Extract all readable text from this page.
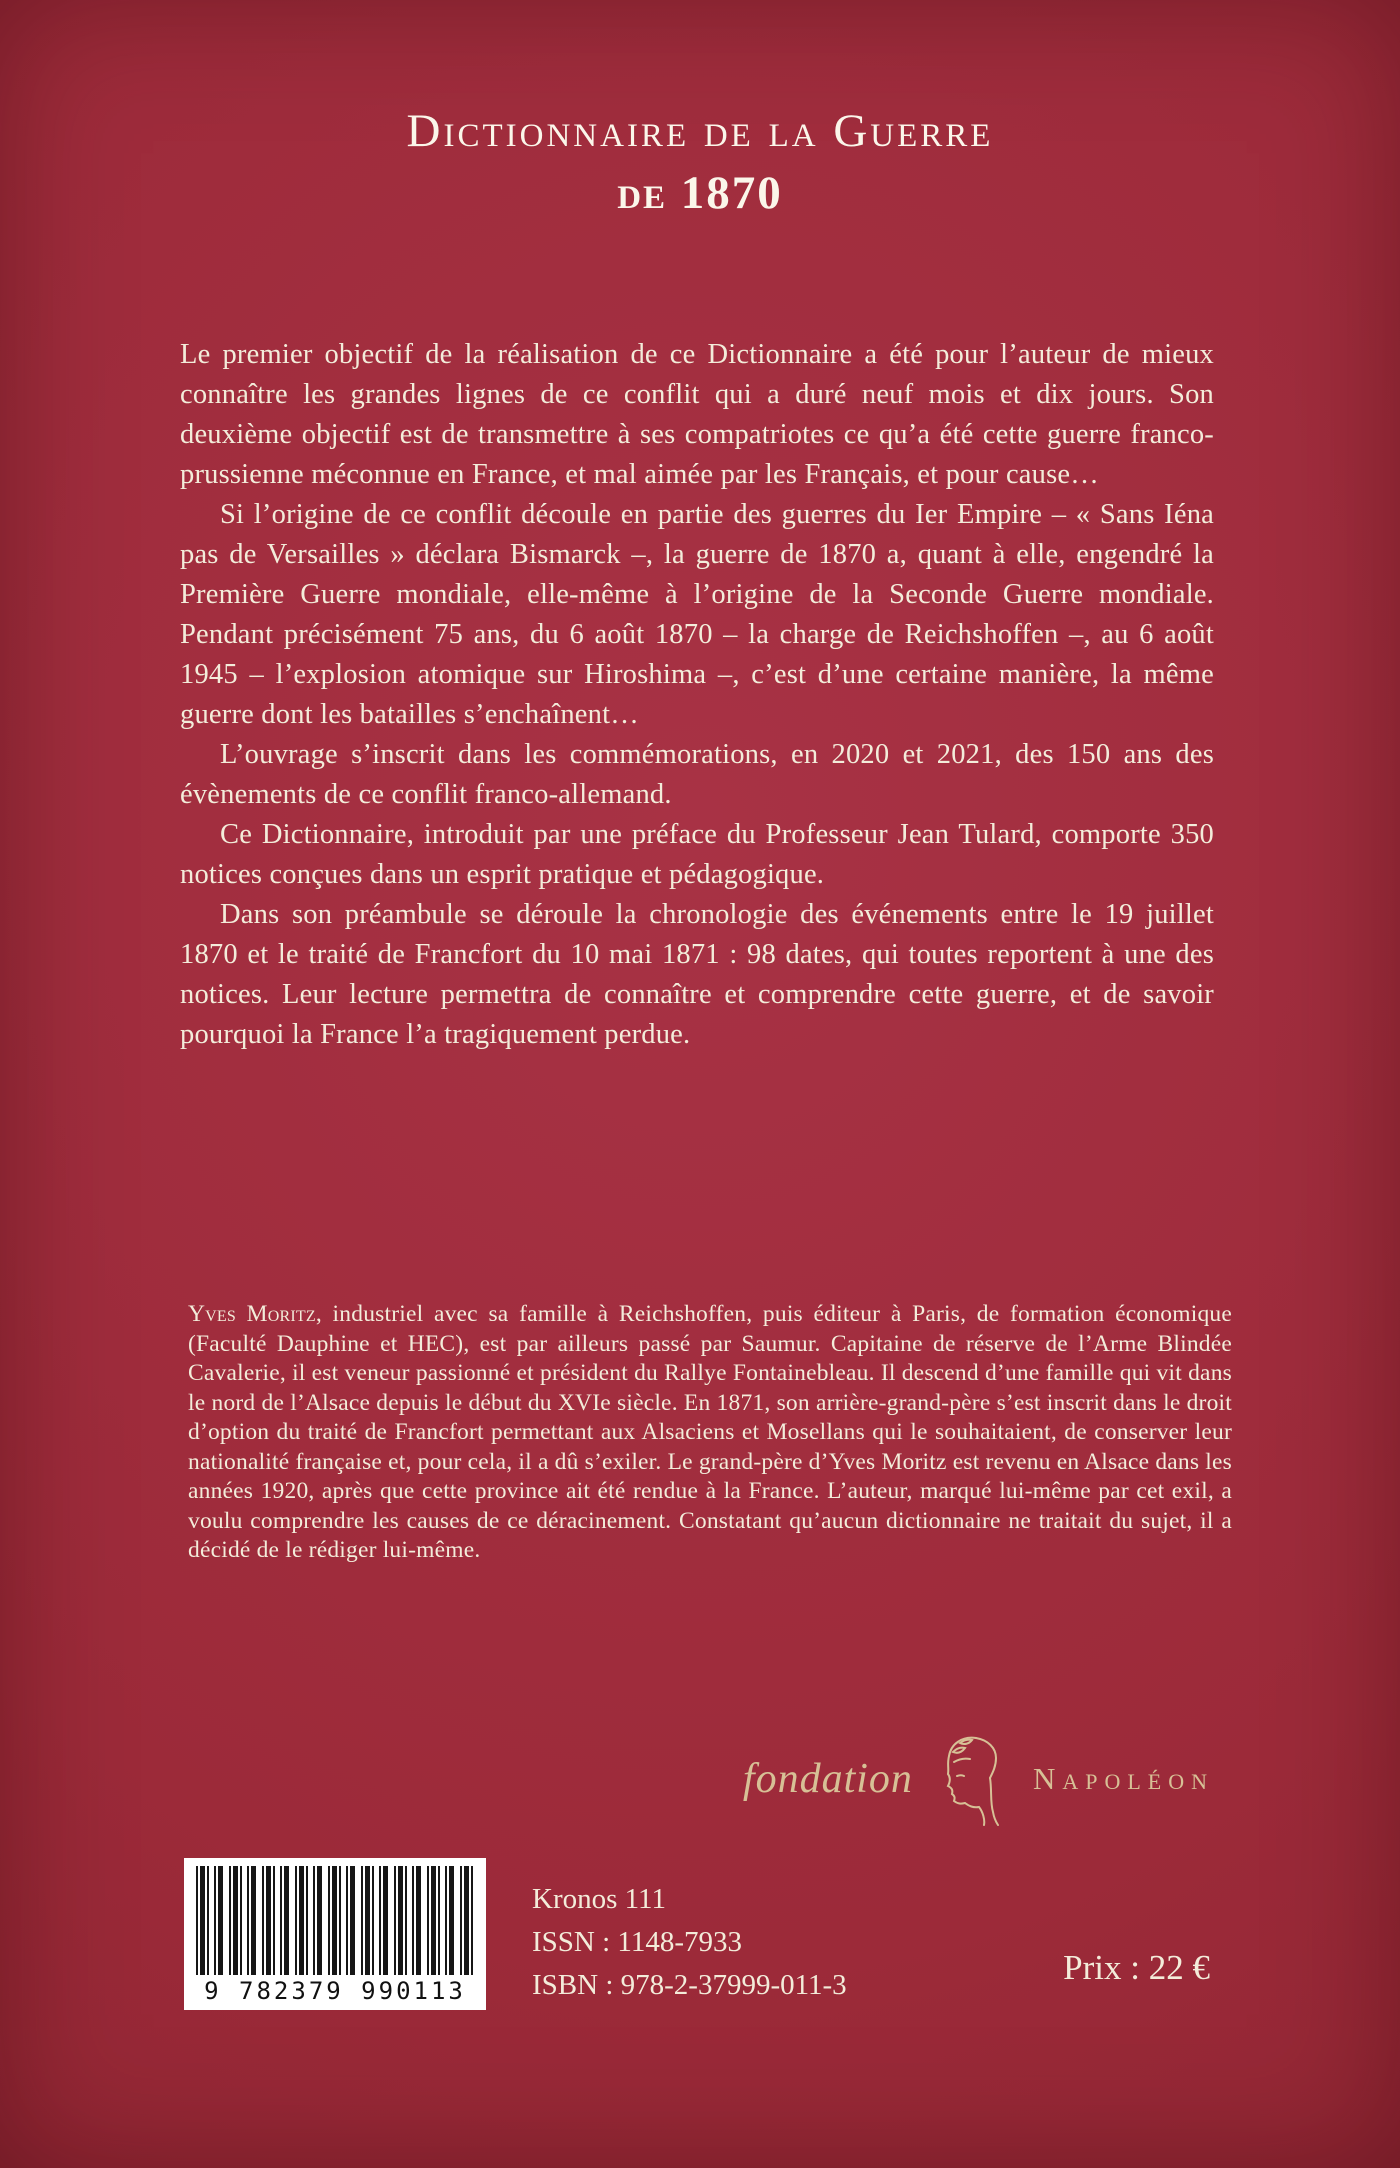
Dictionnaire de la Guerre
de 1870

Le premier objectif de la réalisation de ce Dictionnaire a été pour l’auteur de mieux connaître les grandes lignes de ce conflit qui a duré neuf mois et dix jours. Son deuxième objectif est de transmettre à ses compatriotes ce qu’a été cette guerre franco-prussienne méconnue en France, et mal aimée par les Français, et pour cause…

Si l’origine de ce conflit découle en partie des guerres du Ier Empire – « Sans Iéna pas de Versailles » déclara Bismarck –, la guerre de 1870 a, quant à elle, engendré la Première Guerre mondiale, elle-même à l’origine de la Seconde Guerre mondiale. Pendant précisément 75 ans, du 6 août 1870 – la charge de Reichshoffen –, au 6 août 1945 – l’explosion atomique sur Hiroshima –, c’est d’une certaine manière, la même guerre dont les batailles s’enchaînent…

L’ouvrage s’inscrit dans les commémorations, en 2020 et 2021, des 150 ans des évènements de ce conflit franco-allemand.

Ce Dictionnaire, introduit par une préface du Professeur Jean Tulard, comporte 350 notices conçues dans un esprit pratique et pédagogique.

Dans son préambule se déroule la chronologie des événements entre le 19 juillet 1870 et le traité de Francfort du 10 mai 1871 : 98 dates, qui toutes reportent à une des notices. Leur lecture permettra de connaître et comprendre cette guerre, et de savoir pourquoi la France l’a tragiquement perdue.

Yves Moritz, industriel avec sa famille à Reichshoffen, puis éditeur à Paris, de formation économique (Faculté Dauphine et HEC), est par ailleurs passé par Saumur. Capitaine de réserve de l’Arme Blindée Cavalerie, il est veneur passionné et président du Rallye Fontainebleau. Il descend d’une famille qui vit dans le nord de l’Alsace depuis le début du XVIe siècle. En 1871, son arrière-grand-père s’est inscrit dans le droit d’option du traité de Francfort permettant aux Alsaciens et Mosellans qui le souhaitaient, de conserver leur nationalité française et, pour cela, il a dû s’exiler. Le grand-père d’Yves Moritz est revenu en Alsace dans les années 1920, après que cette province ait été rendue à la France. L’auteur, marqué lui-même par cet exil, a voulu comprendre les causes de ce déracinement. Constatant qu’aucun dictionnaire ne traitait du sujet, il a décidé de le rédiger lui-même.

fondation	Napoléon
9 782379 990113
Kronos 111
ISSN : 1148-7933
ISBN : 978-2-37999-011-3	Prix : 22 €
